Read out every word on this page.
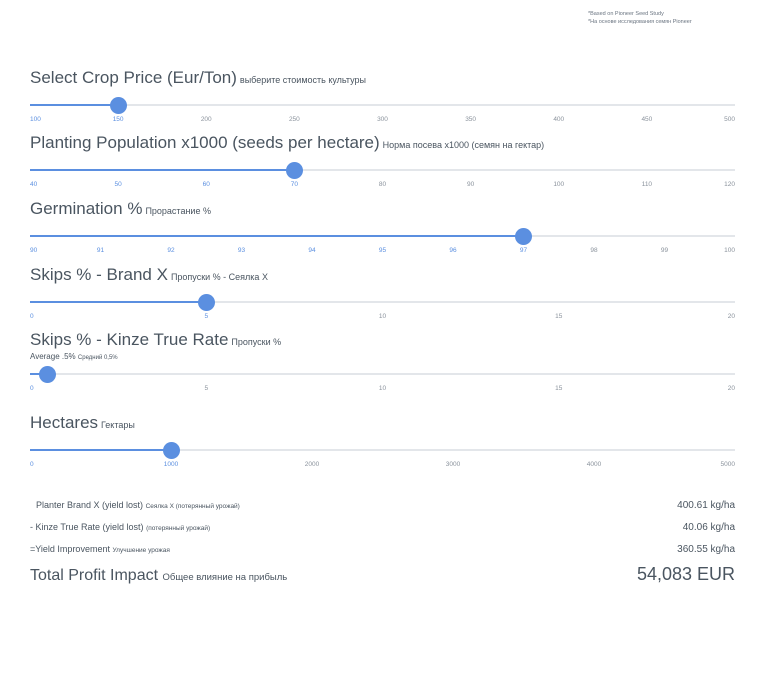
*Based on Pioneer Seed Study
*На основе исследования семян Pioneer
Select Crop Price (Eur/Ton) выберите стоимость культуры
100	150	200	250	300	350	400	450	500
Planting Population x1000 (seeds per hectare) Норма посева x1000 (семян на гектар)
40	50	60	70	80	90	100	110	120
Germination % Прорастание %
90	91	92	93	94	95	96	97	98	99	100
Skips % - Brand X Пропуски % - Сеялка X
0	5	10	15	20
Skips % - Kinze True Rate Пропуски %
Average .5% Средний 0,5%
0	5	10	15	20
Hectares Гектары
0	1000	2000	3000	4000	5000
Planter Brand X (yield lost) Сеялка X (потерянный урожай)	400.61 kg/ha
- Kinze True Rate (yield lost) (потерянный урожай)	40.06 kg/ha
=Yield Improvement Улучшение урожая	360.55 kg/ha
Total Profit Impact Общее влияние на прибыль	54,083 EUR
